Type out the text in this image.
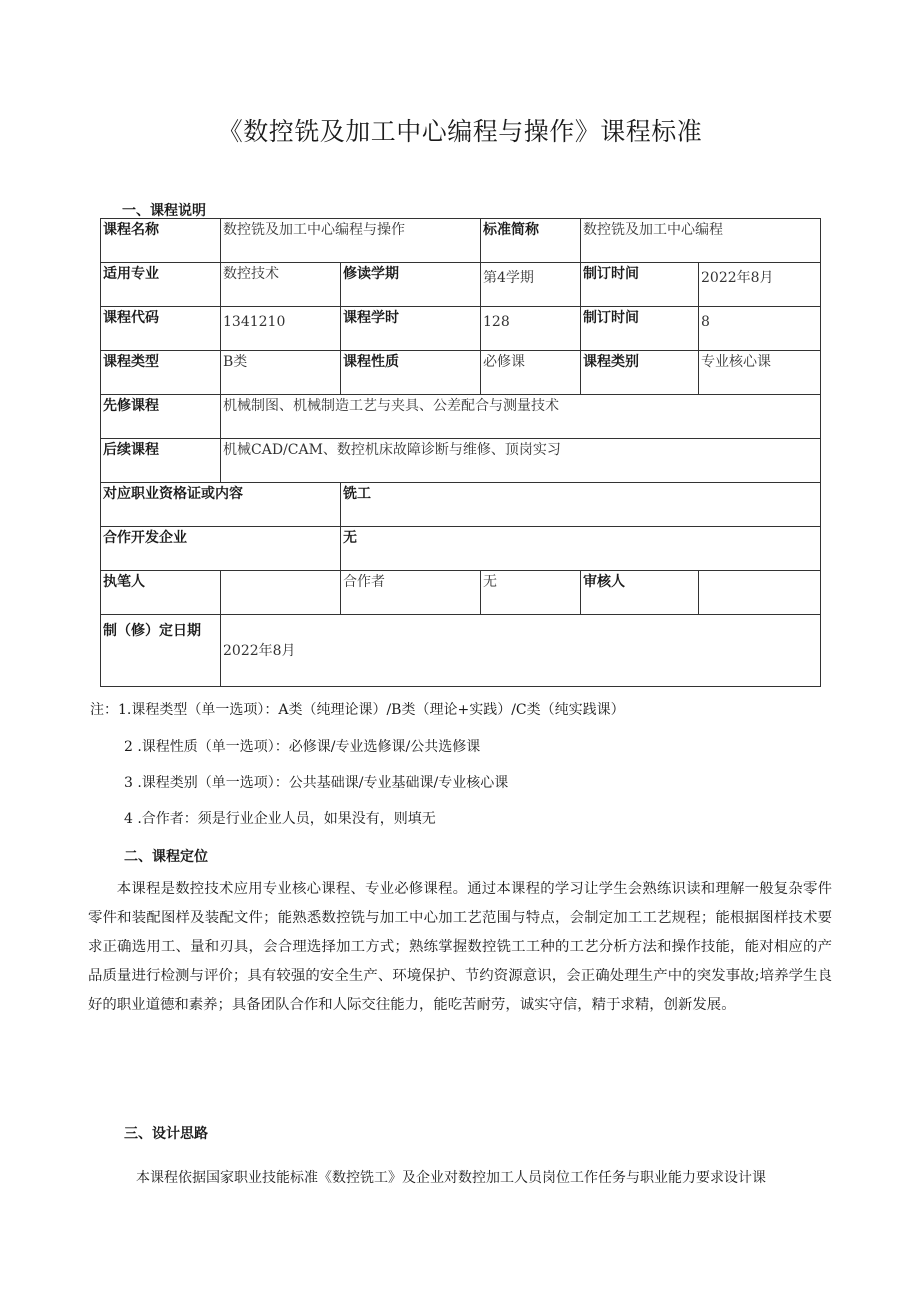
《数控铣及加工中心编程与操作》课程标准
一、课程说明
课程名称	数控铣及加工中心编程与操作		标准简称	数控铣及加工中心编程	
适用专业	数控技术	修读学期	第4学期	制订时间	2022年8月

课程代码	1341210	课程学时	128	制订时间	8

课程类型	B类	课程性质	必修课	课程类别	专业核心课
先修课程	机械制图、机械制造工艺与夹具、公差配合与测量技术				
后续课程	机械CAD/CAM、数控机床故障诊断与维修、顶岗实习				
对应职业资格证或内容		铣工			
合作开发企业		无			
执笔人		合作者	无	审核人	
制（修）定日期	2022年8月				
注：1.课程类型（单一选项）：A类（纯理论课）/B类（理论+实践）/C类（纯实践课）
2 .课程性质（单一选项）：必修课/专业选修课/公共选修课
3 .课程类别（单一选项）：公共基础课/专业基础课/专业核心课
4 .合作者：须是行业企业人员，如果没有，则填无
二、课程定位
本课程是数控技术应用专业核心课程、专业必修课程。通过本课程的学习让学生会熟练识读和理解一般复杂零件零件和装配图样及装配文件；能熟悉数控铣与加工中心加工艺范围与特点，会制定加工工艺规程；能根据图样技术要求正确选用工、量和刃具，会合理选择加工方式；熟练掌握数控铣工工种的工艺分析方法和操作技能，能对相应的产品质量进行检测与评价；具有较强的安全生产、环境保护、节约资源意识，会正确处理生产中的突发事故;培养学生良好的职业道德和素养；具备团队合作和人际交往能力，能吃苦耐劳，诚实守信，精于求精，创新发展。
三、设计思路
本课程依据国家职业技能标准《数控铣工》及企业对数控加工人员岗位工作任务与职业能力要求设计课
